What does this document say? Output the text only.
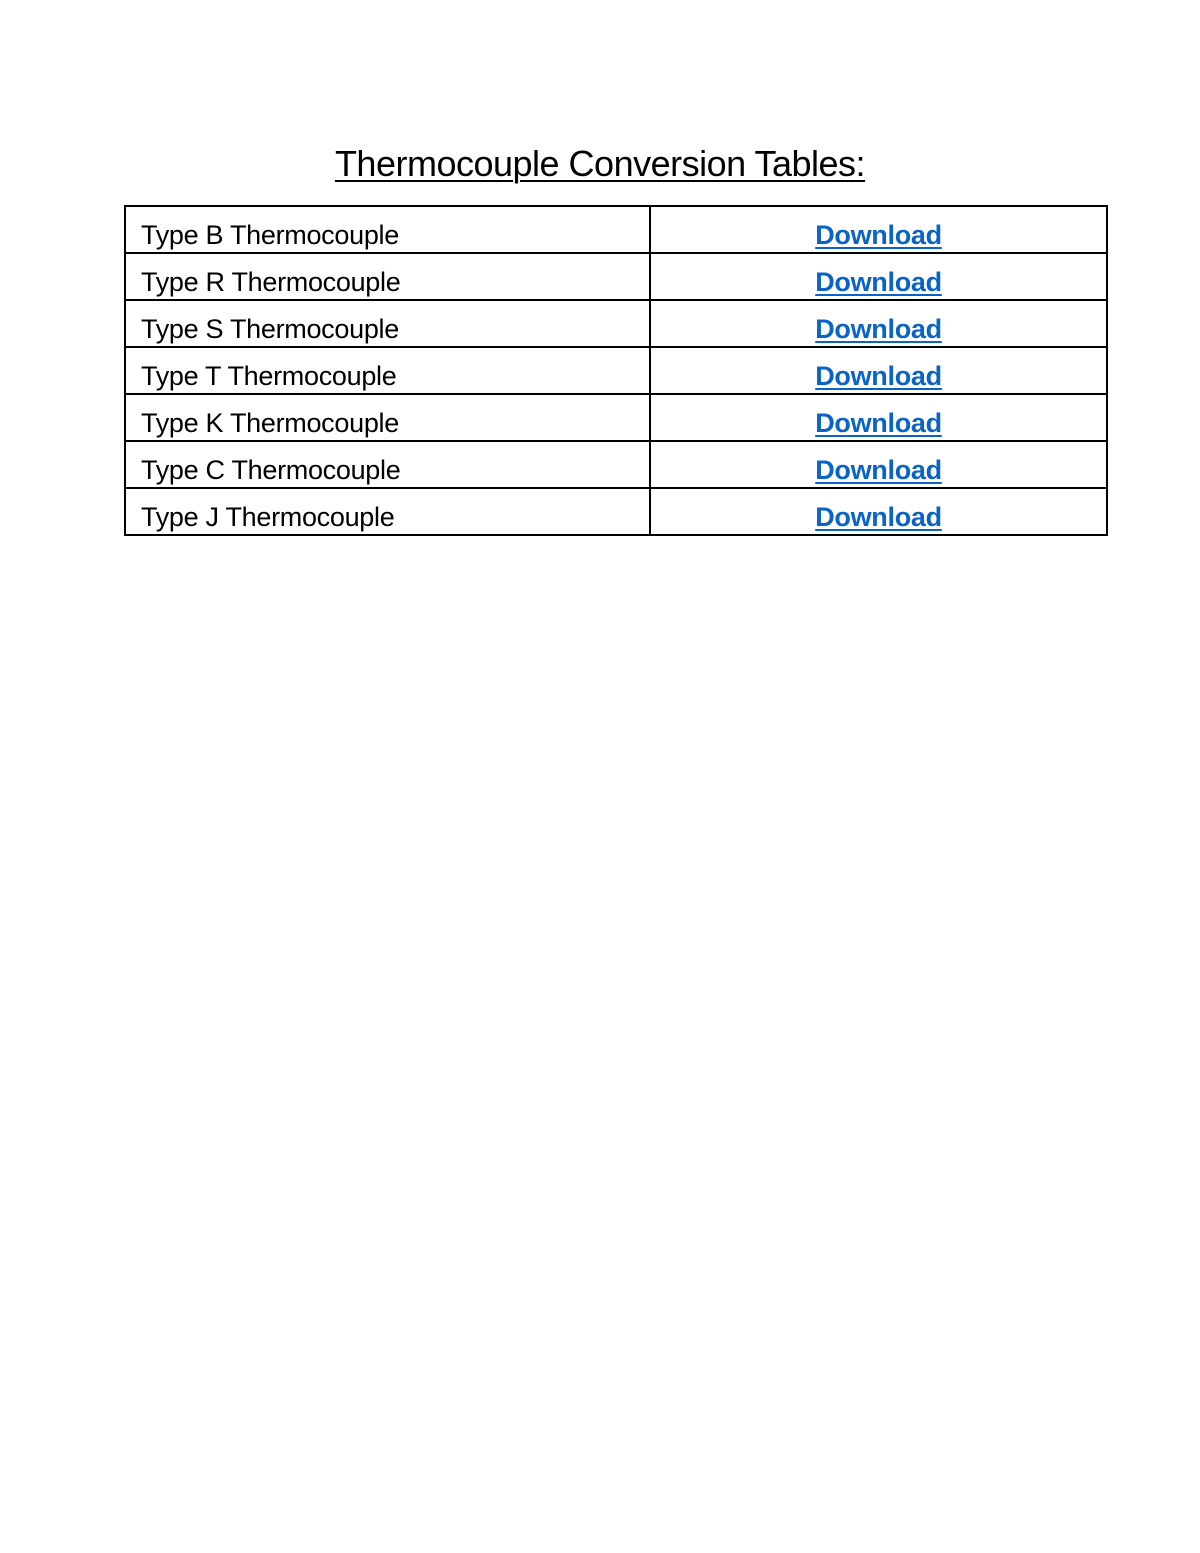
Thermocouple Conversion Tables:
Type B Thermocouple	Download
Type R Thermocouple	Download
Type S Thermocouple	Download
Type T Thermocouple	Download
Type K Thermocouple	Download
Type C Thermocouple	Download
Type J Thermocouple	Download
